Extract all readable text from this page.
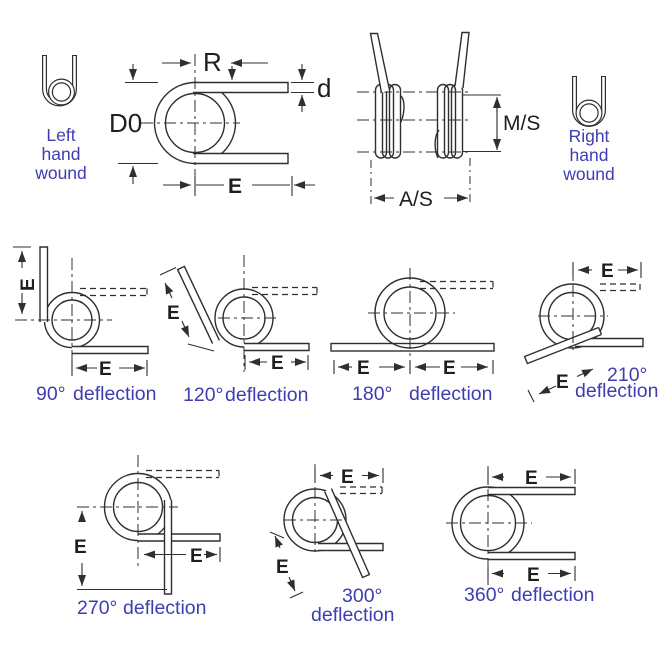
Left
hand
wound
Right
hand
wound
R
d
D0
E
M/S
A/S
E
E
90° deflection
E
E
120° deflection
E	E
180° deflection
E
E 210°
deflection
E	E
270° deflection
E
E
300°
deflection
E
E
360° deflection
